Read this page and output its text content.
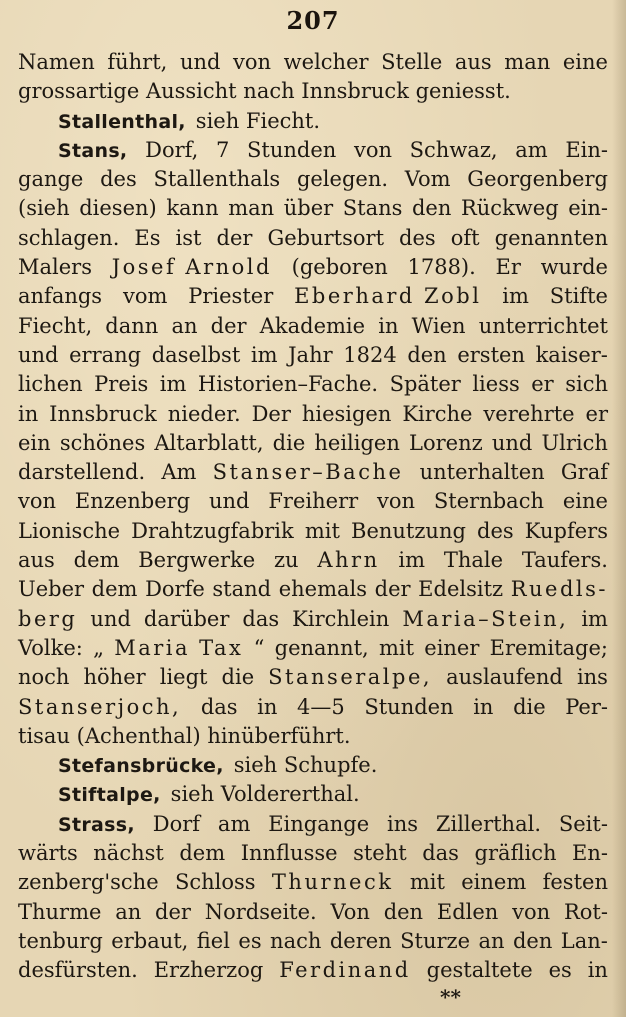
207
Namen führt, und von welcher Stelle aus man eine
grossartige Aussicht nach Innsbruck geniesst.
Stallenthal, sieh Fiecht.
Stans, Dorf, 7 Stunden von Schwaz, am Ein-
gange des Stallenthals gelegen. Vom Georgenberg
(sieh diesen) kann man über Stans den Rückweg ein-
schlagen. Es ist der Geburtsort des oft genannten
Malers Josef Arnold (geboren 1788). Er wurde
anfangs vom Priester Eberhard Zobl im Stifte
Fiecht, dann an der Akademie in Wien unterrichtet
und errang daselbst im Jahr 1824 den ersten kaiser-
lichen Preis im Historien–Fache. Später liess er sich
in Innsbruck nieder. Der hiesigen Kirche verehrte er
ein schönes Altarblatt, die heiligen Lorenz und Ulrich
darstellend. Am Stanser–Bache unterhalten Graf
von Enzenberg und Freiherr von Sternbach eine
Lionische Drahtzugfabrik mit Benutzung des Kupfers
aus dem Bergwerke zu Ahrn im Thale Taufers.
Ueber dem Dorfe stand ehemals der Edelsitz Ruedls-
berg und darüber das Kirchlein Maria–Stein, im
Volke: „ Maria Tax “ genannt, mit einer Eremitage;
noch höher liegt die Stanseralpe, auslaufend ins
Stanserjoch, das in 4—5 Stunden in die Per-
tisau (Achenthal) hinüberführt.
Stefansbrücke, sieh Schupfe.
Stiftalpe, sieh Voldererthal.
Strass, Dorf am Eingange ins Zillerthal. Seit-
wärts nächst dem Innflusse steht das gräflich En-
zenberg'sche Schloss Thurneck mit einem festen
Thurme an der Nordseite. Von den Edlen von Rot-
tenburg erbaut, fiel es nach deren Sturze an den Lan-
desfürsten. Erzherzog Ferdinand gestaltete es in
**
